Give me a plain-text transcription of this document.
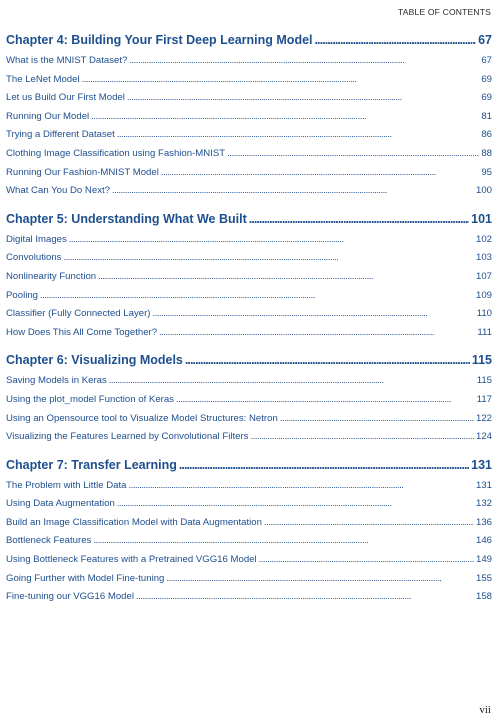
TABLE OF CONTENTS
Chapter 4: Building Your First Deep Learning Model . . .	67
What is the MNIST Dataset? . . .	67
The LeNet Model . . .	69
Let us Build Our First Model . . .	69
Running Our Model . . .	81
Trying a Different Dataset . . .	86
Clothing Image Classification using Fashion-MNIST . . .	88
Running Our Fashion-MNIST Model . . .	95
What Can You Do Next? . . .	100
Chapter 5: Understanding What We Built . . .	101
Digital Images . . .	102
Convolutions . . .	103
Nonlinearity Function . . .	107
Pooling . . .	109
Classifier (Fully Connected Layer) . . .	110
How Does This All Come Together? . . .	111
Chapter 6: Visualizing Models . . .	115
Saving Models in Keras . . .	115
Using the plot_model Function of Keras . . .	117
Using an Opensource tool to Visualize Model Structures: Netron . . .	122
Visualizing the Features Learned by Convolutional Filters . . .	124
Chapter 7: Transfer Learning . . .	131
The Problem with Little Data . . .	131
Using Data Augmentation . . .	132
Build an Image Classification Model with Data Augmentation . . .	136
Bottleneck Features . . .	146
Using Bottleneck Features with a Pretrained VGG16 Model . . .	149
Going Further with Model Fine-tuning . . .	155
Fine-tuning our VGG16 Model . . .	158
vii
